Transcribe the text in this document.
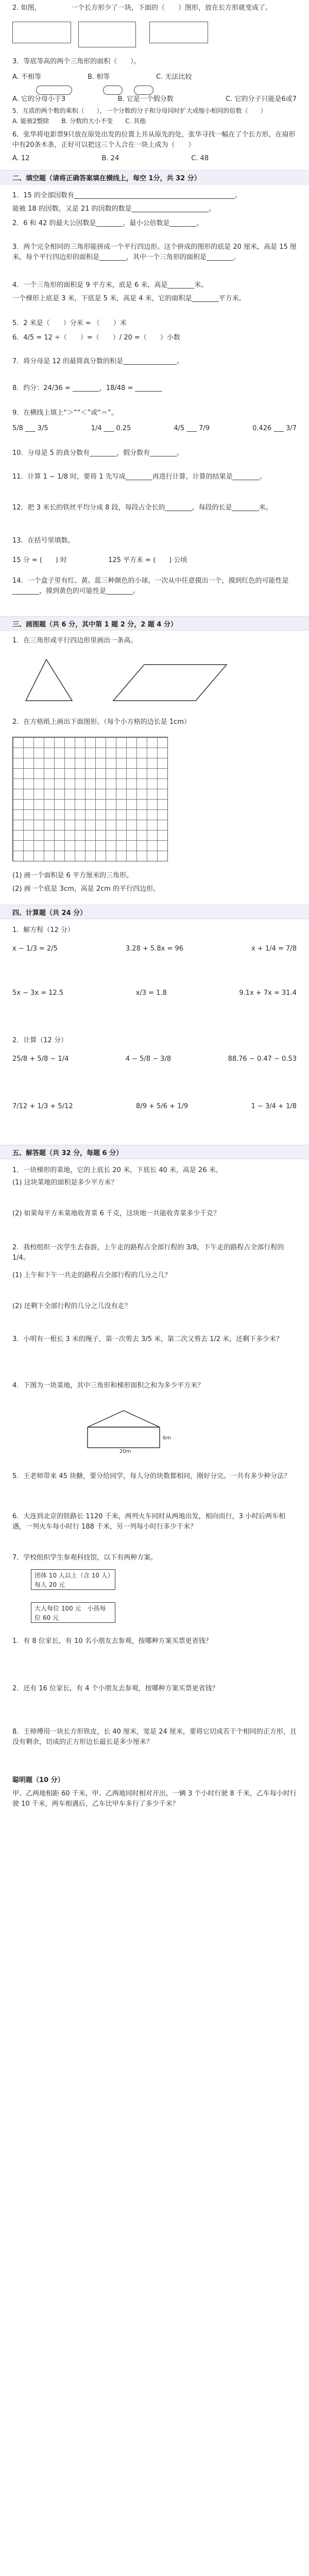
2. 如图，　　　　　一个长方形少了一块，下面的（　　）图形，放在长方形就变成了。
3．等底等高的两个三角形的面积（　　）。
A. 不相等	B. 相等	C. 无法比较
A. 它的分母小于3	B. 它是一个假分数	C. 它的分子只能是6或7
5．互质的两个数的乘积（　　），一个分数的分子和分母同时扩大或缩小相同的倍数（　　）
A. 能被2整除　　B. 分数的大小不变　　C. 其他
6．张华将电影票9只放在原处出发的位置上并从原先的处，张华寻找一幅在了个长方形，在扇形中有20条木条，正好可以把这三个人合在一块上成为（　　）
A. 12	B. 24	C. 48
二、填空题（请将正确答案填在横线上，每空 1分，共 32 分）
1．15 的全部因数有________________________________________________。
能被 18 的因数，又是 21 的因数的数是_______________________。
2．6 和 42 的最大公因数是________，最小公倍数是________。
3．两个完全相同的三角形能拼成一个平行四边形。这个拼成的图形的底是 20 厘米，高是 15 厘米，每个平行四边形的面积是________，其中一个三角形的面积是________。
4．一个三角形的面积是 9 平方米，底是 6 米，高是________米。
一个梯形上底是 3 米，下底是 5 米，高是 4 米，它的面积是________平方米。
5．2 米是（　　）分米 = （　　）米
6．4/5 = 12 ÷（　　）=（　　）/ 20 =（　　）小数
7．将分母是 12 的最简真分数的积是________________。
8．约分：24/36 = ________，18/48 = ________
9．在横线上填上“＞”“＜”或“＝”。
5/8 ___ 3/5	1/4 ___ 0.25	4/5 ___ 7/9	0.426 ___ 3/7
10．分母是 5 的真分数有________，假分数有________。
11．计算 1 − 1/8 时，要将 1 先写成________再进行计算，计算的结果是________。
12．把 3 米长的铁丝平均分成 8 段，每段占全长的________，每段的长是________米。
13．在括号里填数。
15 分 = (　　) 时	125 平方米 = (　　) 公顷
14．一个盒子里有红、黄、蓝三种颜色的小球，一次从中任意摸出一个，摸到红色的可能性是________，摸到黄色的可能性是________。
三、画图题（共 6 分，其中第 1 题 2 分，2 题 4 分）
1．在三角形或平行四边形里画出一条高。
2．在方格纸上画出下面图形。（每个小方格的边长是 1cm）
(1) 画一个面积是 6 平方厘米的三角形。
(2) 画一个底是 3cm，高是 2cm 的平行四边形。
四、计算题（共 24 分）
1．解方程（12 分）
x − 1/3 = 2/5	3.28 + 5.8x = 96	x + 1/4 = 7/8
5x − 3x = 12.5	x/3 = 1.8	9.1x + 7x = 31.4
2．计算（12 分）
25/8 + 5/8 − 1/4	4 − 5/8 − 3/8	88.76 − 0.47 − 0.53
7/12 + 1/3 + 5/12	8/9 + 5/6 + 1/9	1 − 3/4 + 1/8
五、解答题（共 32 分，每题 6 分）
1．一块梯形的菜地，它的上底长 20 米，下底长 40 米，高是 26 米。
(1) 这块菜地的面积是多少平方米？
(2) 如果每平方米菜地收青菜 6 千克，这块地一共能收青菜多少千克？
2．我校组织一次学生去春游，上午走的路程占全部行程的 3/8，下午走的路程占全部行程的 1/4。
(1) 上午和下午一共走的路程占全部行程的几分之几？
(2) 还剩下全部行程的几分之几没有走？
3．小明有一根长 3 米的绳子，第一次剪去 3/5 米，第二次又剪去 1/2 米，还剩下多少米？
4．下图为一块菜地，其中三角形和梯形面积之和为多少平方米？
6m
20m
5．王老师带来 45 块糖，要分给同学，每人分的块数都相同，刚好分完。一共有多少种分法？
6．大连到北京的铁路长 1120 千米，两列火车同时从两地出发，相向而行，3 小时后两车相遇，一列火车每小时行 188 千米，另一列每小时行多少千米？
7．学校组织学生参观科技馆，以下有两种方案。
团体 10 人以上（含 10 人）每人 20 元
大人每位 100 元　小孩每位 60 元
1．有 8 位家长，有 10 名小朋友去参观，按哪种方案买票更省钱？
2．还有 16 位家长，有 4 个小朋友去参观，按哪种方案买票更省钱？
8．王师傅用一块长方形铁皮，长 40 厘米，宽是 24 厘米，要将它切成若干个相同的正方形，且没有剩余，切成的正方形边长最长是多少厘米？
聪明题（10 分）
甲、乙两地相距 60 千米，甲、乙两地同时相对开出，一辆 3 个小时行驶 8 千米，乙车每小时行驶 10 千米，两车相遇后，乙车比甲车多行了多少千米？
